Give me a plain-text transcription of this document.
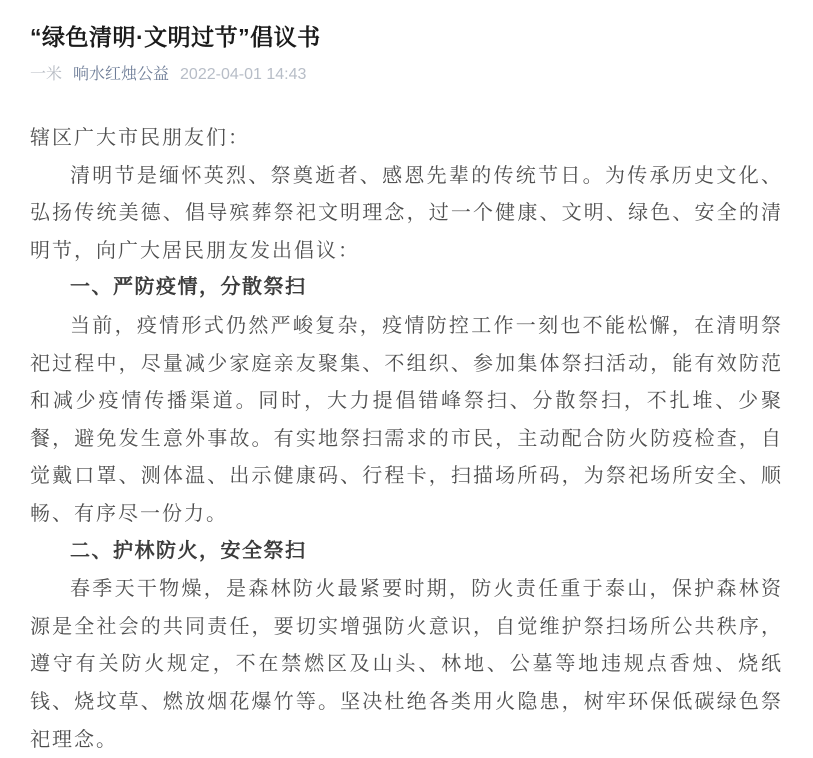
“绿色清明·文明过节”倡议书
一米 响水红烛公益 2022-04-01 14:43

辖区广大市民朋友们：

清明节是缅怀英烈、祭奠逝者、感恩先辈的传统节日。为传承历史文化、弘扬传统美德、倡导殡葬祭祀文明理念，过一个健康、文明、绿色、安全的清明节，向广大居民朋友发出倡议：

一、严防疫情，分散祭扫

当前，疫情形式仍然严峻复杂，疫情防控工作一刻也不能松懈，在清明祭祀过程中，尽量减少家庭亲友聚集、不组织、参加集体祭扫活动，能有效防范和减少疫情传播渠道。同时，大力提倡错峰祭扫、分散祭扫，不扎堆、少聚餐，避免发生意外事故。有实地祭扫需求的市民，主动配合防火防疫检查，自觉戴口罩、测体温、出示健康码、行程卡，扫描场所码，为祭祀场所安全、顺畅、有序尽一份力。

二、护林防火，安全祭扫

春季天干物燥，是森林防火最紧要时期，防火责任重于泰山，保护森林资源是全社会的共同责任，要切实增强防火意识，自觉维护祭扫场所公共秩序，遵守有关防火规定，不在禁燃区及山头、林地、公墓等地违规点香烛、烧纸钱、烧坟草、燃放烟花爆竹等。坚决杜绝各类用火隐患，树牢环保低碳绿色祭祀理念。
